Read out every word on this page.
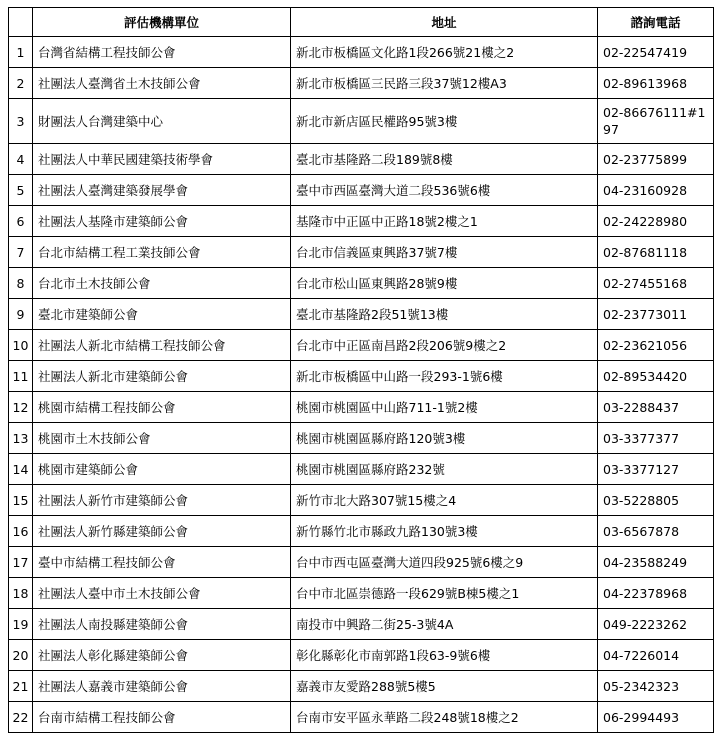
	評估機構單位	地址	諮詢電話
1	台灣省結構工程技師公會	新北市板橋區文化路1段266號21樓之2	02-22547419
2	社團法人臺灣省土木技師公會	新北市板橋區三民路三段37號12樓A3	02-89613968
3	財團法人台灣建築中心	新北市新店區民權路95號3樓	02-86676111#197
4	社團法人中華民國建築技術學會	臺北市基隆路二段189號8樓	02-23775899
5	社團法人臺灣建築發展學會	臺中市西區臺灣大道二段536號6樓	04-23160928
6	社團法人基隆市建築師公會	基隆市中正區中正路18號2樓之1	02-24228980
7	台北市結構工程工業技師公會	台北市信義區東興路37號7樓	02-87681118
8	台北市土木技師公會	台北市松山區東興路28號9樓	02-27455168
9	臺北市建築師公會	臺北市基隆路2段51號13樓	02-23773011
10	社團法人新北市結構工程技師公會	台北市中正區南昌路2段206號9樓之2	02-23621056
11	社團法人新北市建築師公會	新北市板橋區中山路一段293-1號6樓	02-89534420
12	桃園市結構工程技師公會	桃園市桃園區中山路711-1號2樓	03-2288437
13	桃園市土木技師公會	桃園市桃園區縣府路120號3樓	03-3377377
14	桃園市建築師公會	桃園市桃園區縣府路232號	03-3377127
15	社團法人新竹市建築師公會	新竹市北大路307號15樓之4	03-5228805
16	社團法人新竹縣建築師公會	新竹縣竹北市縣政九路130號3樓	03-6567878
17	臺中市結構工程技師公會	台中市西屯區臺灣大道四段925號6樓之9	04-23588249
18	社團法人臺中市土木技師公會	台中市北區崇德路一段629號B棟5樓之1	04-22378968
19	社團法人南投縣建築師公會	南投市中興路二街25-3號4A	049-2223262
20	社團法人彰化縣建築師公會	彰化縣彰化市南郭路1段63-9號6樓	04-7226014
21	社團法人嘉義市建築師公會	嘉義市友愛路288號5樓5	05-2342323
22	台南市結構工程技師公會	台南市安平區永華路二段248號18樓之2	06-2994493
